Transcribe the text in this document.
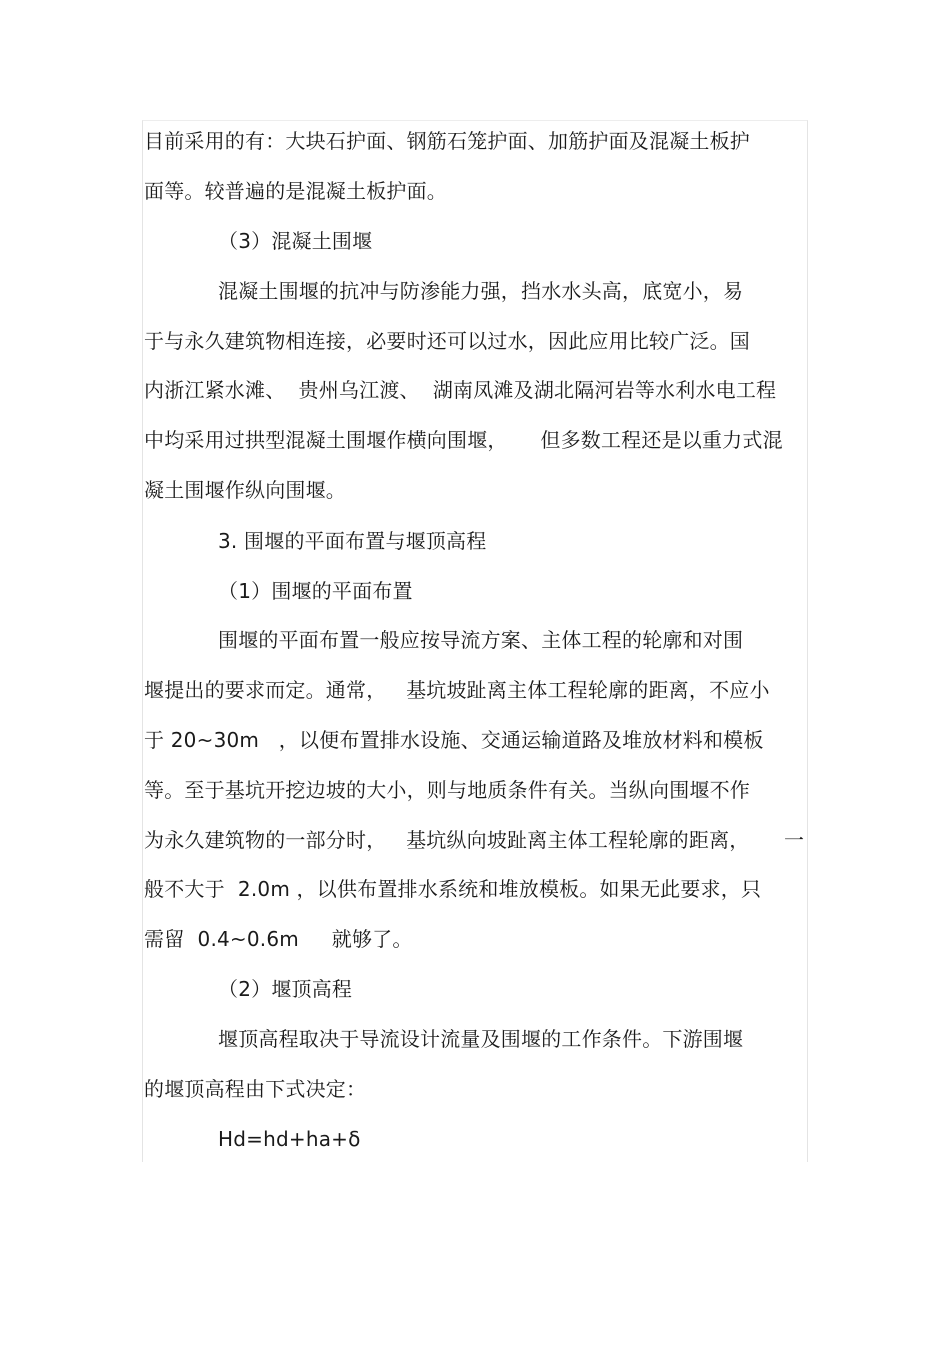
目前采用的有：大块石护面、钢筋石笼护面、加筋护面及混凝土板护
面等。较普遍的是混凝土板护面。
（3）混凝土围堰
混凝土围堰的抗冲与防渗能力强，挡水水头高，底宽小，易
于与永久建筑物相连接，必要时还可以过水，因此应用比较广泛。国
内浙江紧水滩、  贵州乌江渡、  湖南凤滩及湖北隔河岩等水利水电工程
中均采用过拱型混凝土围堰作横向围堰，     但多数工程还是以重力式混
凝土围堰作纵向围堰。
3. 围堰的平面布置与堰顶高程
（1）围堰的平面布置
围堰的平面布置一般应按导流方案、主体工程的轮廓和对围
堰提出的要求而定。通常，   基坑坡趾离主体工程轮廓的距离，不应小
于 20~30m   ，以便布置排水设施、交通运输道路及堆放材料和模板
等。至于基坑开挖边坡的大小，则与地质条件有关。当纵向围堰不作
为永久建筑物的一部分时，   基坑纵向坡趾离主体工程轮廓的距离， 一
般不大于  2.0m ，以供布置排水系统和堆放模板。如果无此要求，只
需留  0.4~0.6m     就够了。
（2）堰顶高程
堰顶高程取决于导流设计流量及围堰的工作条件。下游围堰
的堰顶高程由下式决定：
Hd=hd+ha+δ
